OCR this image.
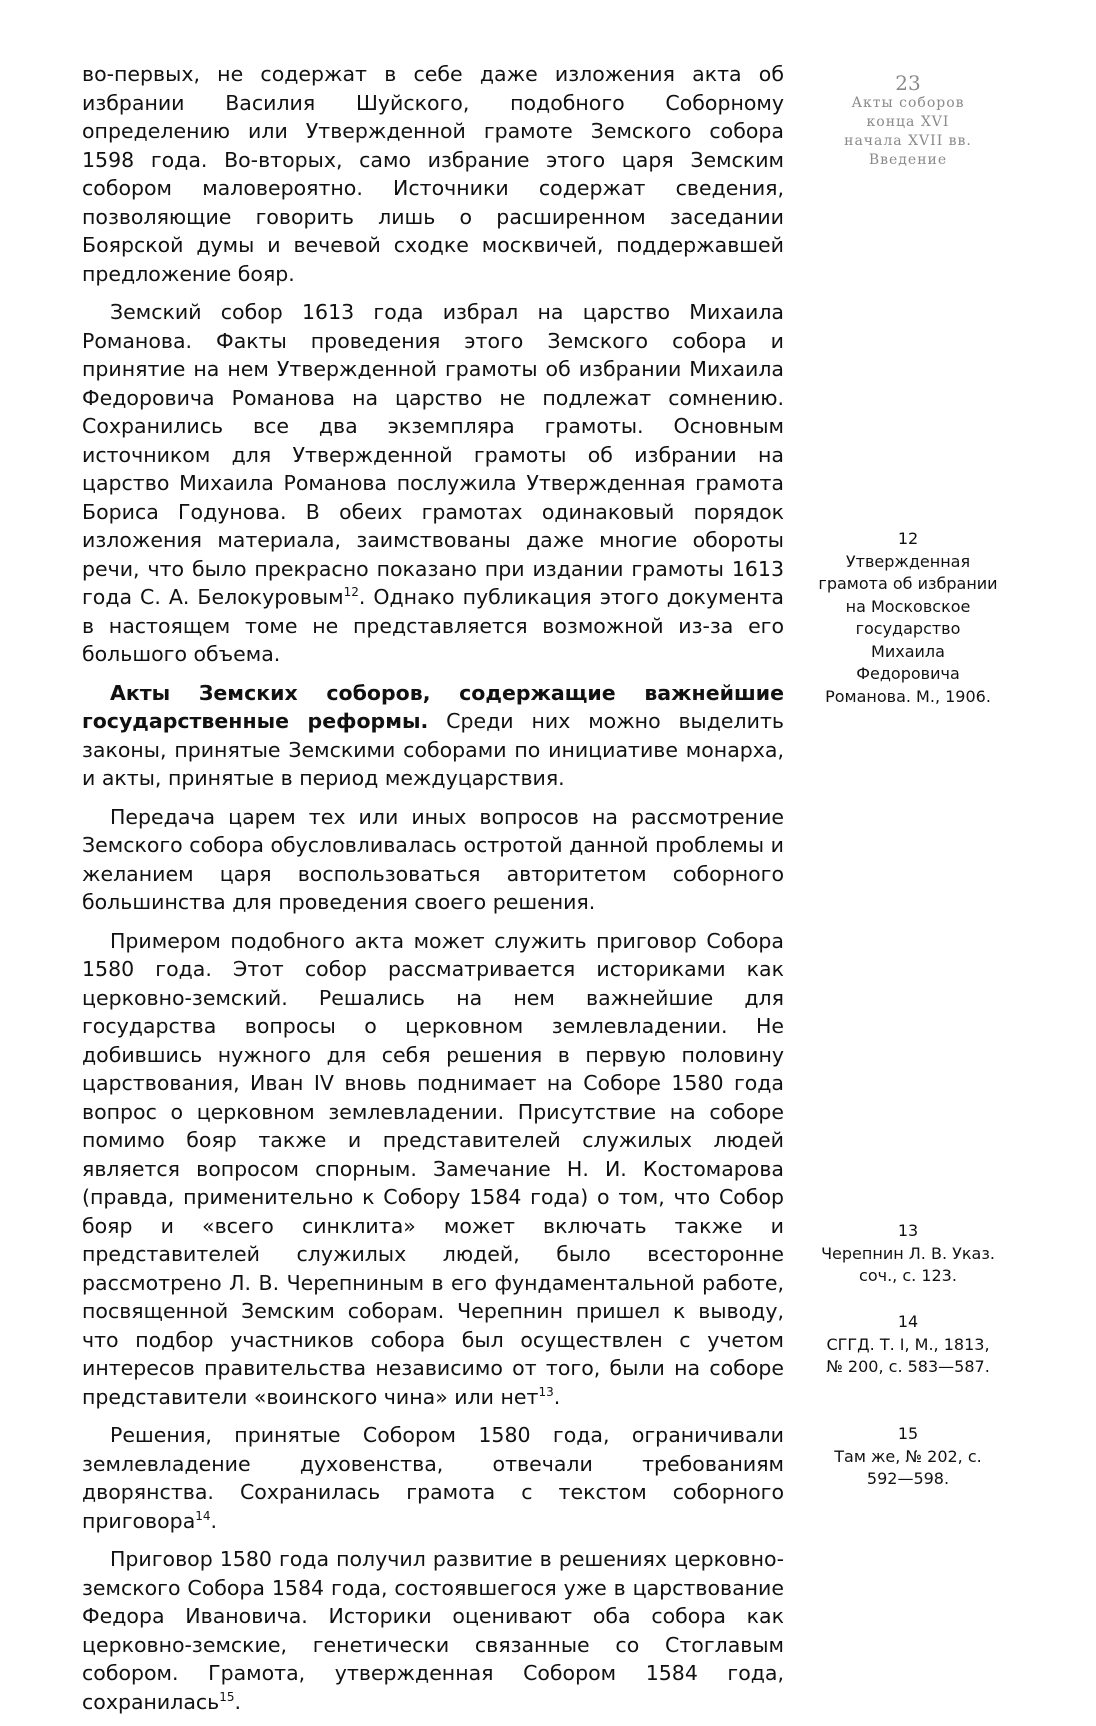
во-первых, не содержат в себе даже изложения акта об избрании Василия Шуйского, подобного Соборному определению или Утвержденной грамоте Земского собора 1598 года. Во-вторых, само избрание этого царя Земским собором маловероятно. Источники содержат сведения, позволяющие говорить лишь о расширенном заседании Боярской думы и вечевой сходке москвичей, поддержавшей предложение бояр.

Земский собор 1613 года избрал на царство Михаила Романова. Факты проведения этого Земского собора и принятие на нем Утвержденной грамоты об избрании Михаила Федоровича Романова на царство не подлежат сомнению. Сохранились все два экземпляра грамоты. Основным источником для Утвержденной грамоты об избрании на царство Михаила Романова послужила Утвержденная грамота Бориса Годунова. В обеих грамотах одинаковый порядок изложения материала, заимствованы даже многие обороты речи, что было прекрасно показано при издании грамоты 1613 года С. А. Белокуровым$^{12}$. Однако публикация этого документа в настоящем томе не представляется возможной из-за его большого объема.

Акты Земских соборов, содержащие важнейшие государственные реформы. Среди них можно выделить законы, принятые Земскими соборами по инициативе монарха, и акты, принятые в период междуцарствия.

Передача царем тех или иных вопросов на рассмотрение Земского собора обусловливалась остротой данной проблемы и желанием царя воспользоваться авторитетом соборного большинства для проведения своего решения.

Примером подобного акта может служить приговор Собора 1580 года. Этот собор рассматривается историками как церковно-земский. Решались на нем важнейшие для государства вопросы о церковном землевладении. Не добившись нужного для себя решения в первую половину царствования, Иван IV вновь поднимает на Соборе 1580 года вопрос о церковном землевладении. Присутствие на соборе помимо бояр также и представителей служилых людей является вопросом спорным. Замечание Н. И. Костомарова (правда, применительно к Собору 1584 года) о том, что Собор бояр и «всего синклита» может включать также и представителей служилых людей, было всесторонне рассмотрено Л. В. Черепниным в его фундаментальной работе, посвященной Земским соборам. Черепнин пришел к выводу, что подбор участников собора был осуществлен с учетом интересов правительства независимо от того, были на соборе представители «воинского чина» или нет$^{13}$.

Решения, принятые Собором 1580 года, ограничивали землевладение духовенства, отвечали требованиям дворянства. Сохранилась грамота с текстом соборного приговора$^{14}$.

Приговор 1580 года получил развитие в решениях церковно-земского Собора 1584 года, состоявшегося уже в царствование Федора Ивановича. Историки оценивают оба собора как церковно-земские, генетически связанные со Стоглавым собором. Грамота, утвержденная Собором 1584 года, сохранилась$^{15}$.

23
Акты соборов
конца XVI
начала XVII вв.
Введение
12
Утвержденная грамота об избрании на Московское государство Михаила Федоровича Романова. М., 1906.
13
Черепнин Л. В. Указ. соч., с. 123.
14
СГГД. Т. I, М., 1813, № 200, с. 583—587.
15
Там же, № 202, с. 592—598.
